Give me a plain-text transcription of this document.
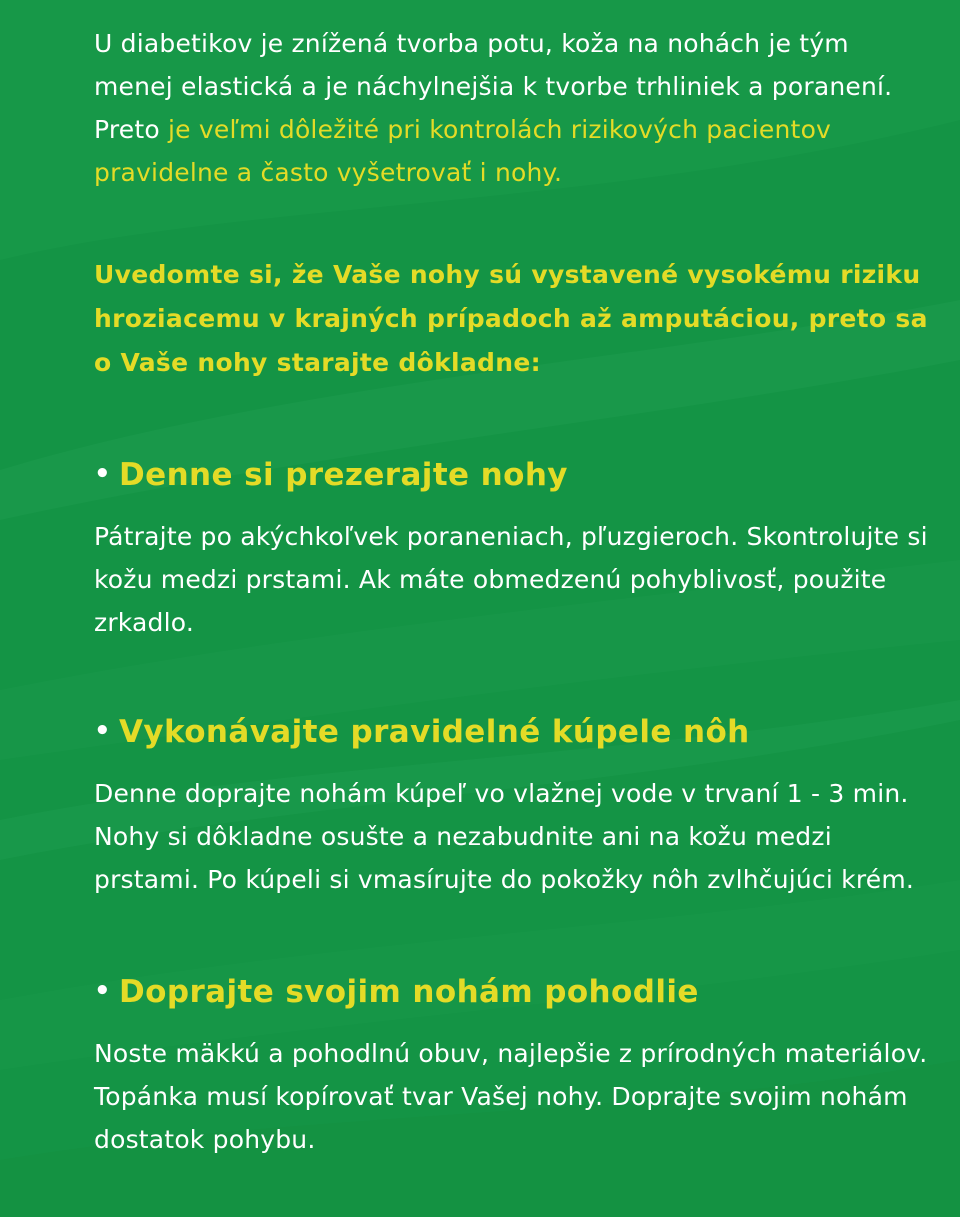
U diabetikov je znížená tvorba potu, koža na nohách je tým menej elastická a je náchylnejšia k tvorbe trhliniek a poranení. Preto je veľmi dôležité pri kontrolách rizikových pacientov pravidelne a často vyšetrovať i nohy.

Uvedomte si, že Vaše nohy sú vystavené vysokému riziku hroziacemu v krajných prípadoch až amputáciou, preto sa o Vaše nohy starajte dôkladne:

• Denne si prezerajte nohy

Pátrajte po akýchkoľvek poraneniach, pľuzgieroch. Skontrolujte si kožu medzi prstami. Ak máte obmedzenú pohyblivosť, použite zrkadlo.

• Vykonávajte pravidelné kúpele nôh

Denne doprajte nohám kúpeľ vo vlažnej vode v trvaní 1 - 3 min. Nohy si dôkladne osušte a nezabudnite ani na kožu medzi prstami. Po kúpeli si vmasírujte do pokožky nôh zvlhčujúci krém.

• Doprajte svojim nohám pohodlie

Noste mäkkú a pohodlnú obuv, najlepšie z prírodných materiálov. Topánka musí kopírovať tvar Vašej nohy. Doprajte svojim nohám dostatok pohybu.
